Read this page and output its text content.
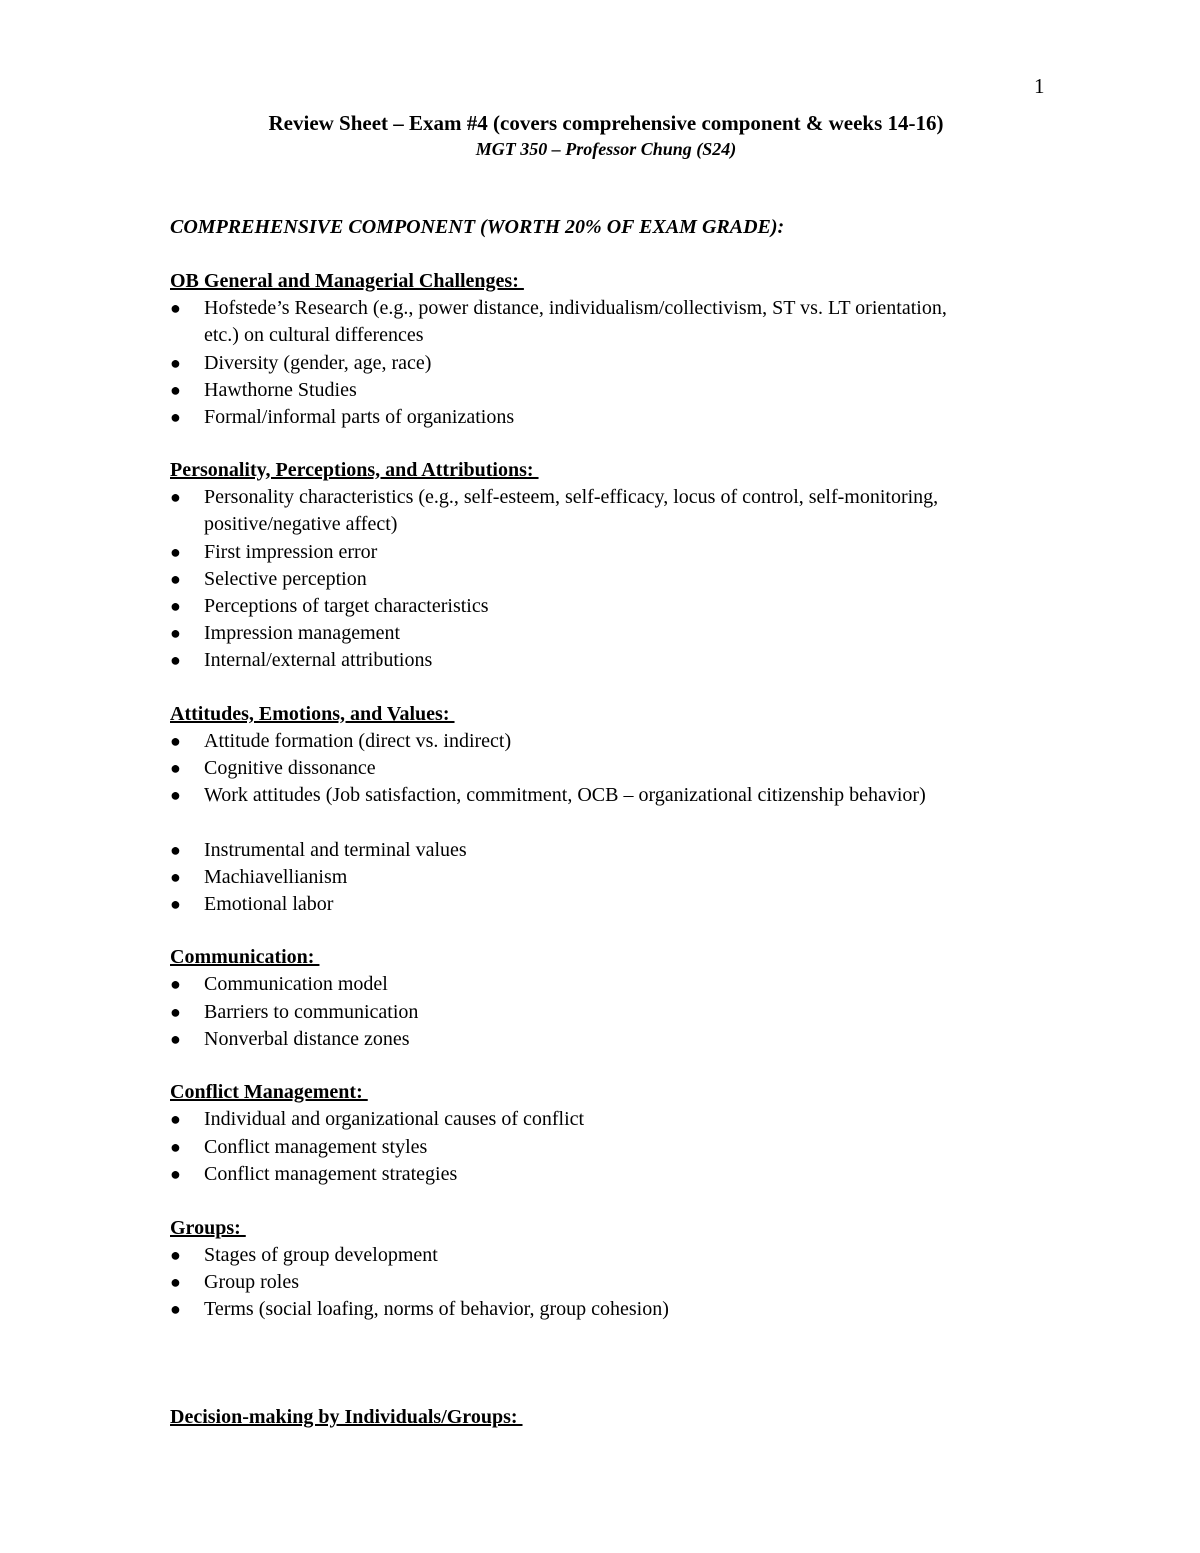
1
Review Sheet – Exam #4 (covers comprehensive component & weeks 14-16)
MGT 350 – Professor Chung (S24)
COMPREHENSIVE COMPONENT (WORTH 20% OF EXAM GRADE):
OB General and Managerial Challenges:
●	Hofstede’s Research (e.g., power distance, individualism/collectivism, ST vs. LT orientation, etc.) on cultural differences
●	Diversity (gender, age, race)
●	Hawthorne Studies
●	Formal/informal parts of organizations
Personality, Perceptions, and Attributions:
●	Personality characteristics (e.g., self-esteem, self-efficacy, locus of control, self-monitoring, positive/negative affect)
●	First impression error
●	Selective perception
●	Perceptions of target characteristics
●	Impression management
●	Internal/external attributions
Attitudes, Emotions, and Values:
●	Attitude formation (direct vs. indirect)
●	Cognitive dissonance
●	Work attitudes (Job satisfaction, commitment, OCB – organizational citizenship behavior)
●	Instrumental and terminal values
●	Machiavellianism
●	Emotional labor
Communication:
●	Communication model
●	Barriers to communication
●	Nonverbal distance zones
Conflict Management:
●	Individual and organizational causes of conflict
●	Conflict management styles
●	Conflict management strategies
Groups:
●	Stages of group development
●	Group roles
●	Terms (social loafing, norms of behavior, group cohesion)
Decision-making by Individuals/Groups:
